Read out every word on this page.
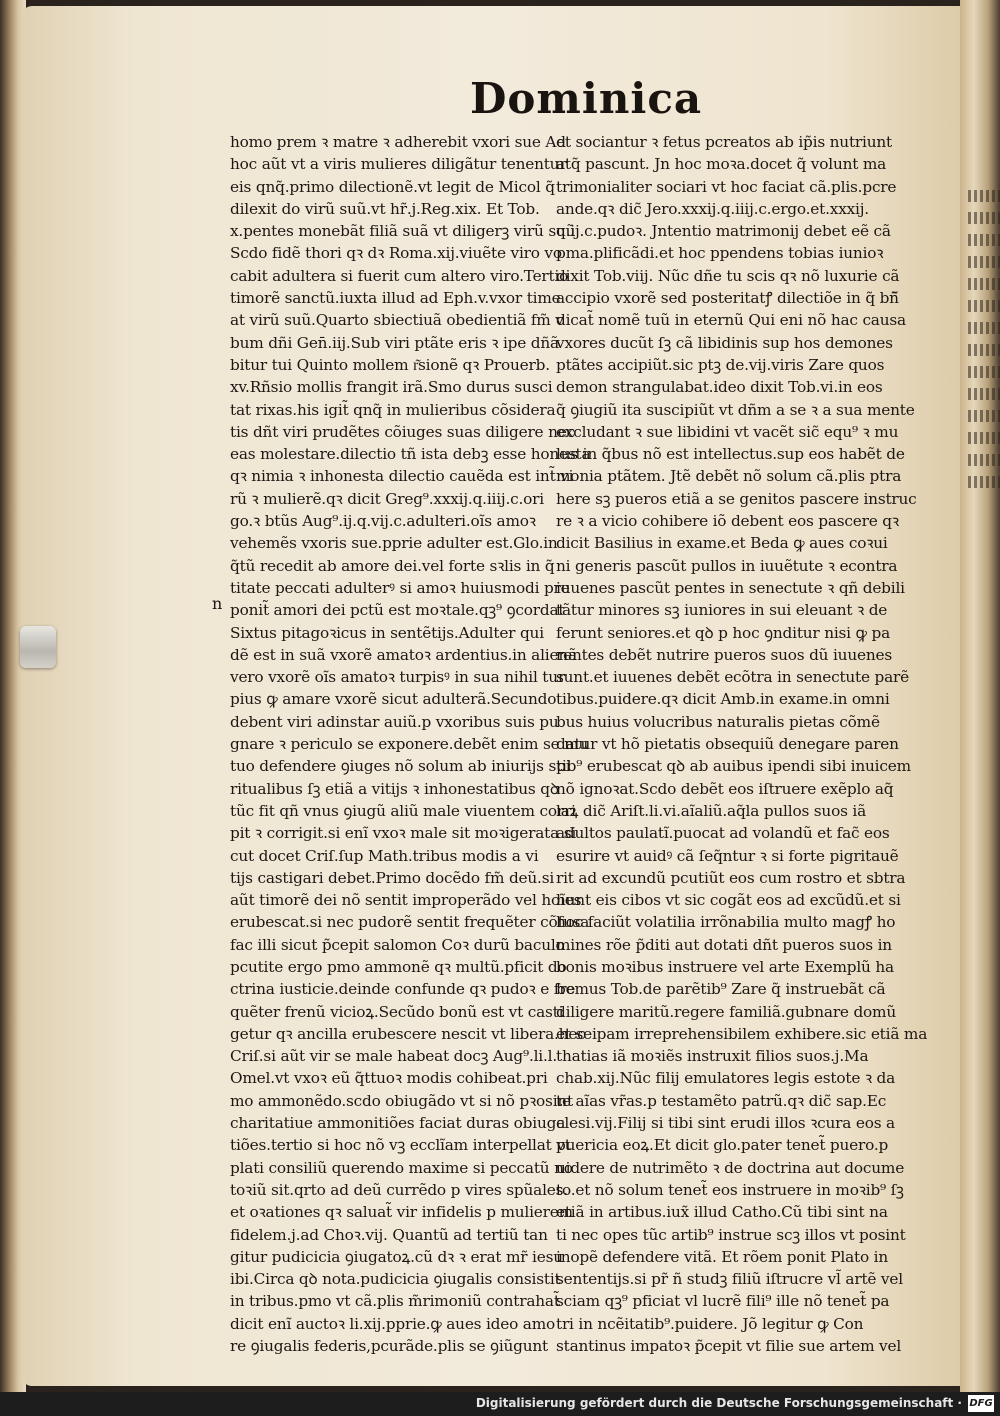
Dominica
n
homo prem ꝛ matre ꝛ adherebit vxori sue Ad
hoc aũt vt a viris mulieres diligãtur tenentur
eis qnq̃.primo dilectionẽ.vt legit de Micol q̃
dilexit do virũ suũ.vt hr̃.j.Reg.xix. Et Tob.
x.pentes monebãt filiã suã vt diligerꝫ virũ suũ
Scdo fidẽ thori qꝛ dꝛ Roma.xij.viuẽte viro vo
cabit adultera si fuerit cum altero viro.Tertio
timorẽ sanctũ.iuxta illud ad Eph.v.vxor time
at virũ suũ.Quarto sbiectiuã obedientiã fm̃ v
bum dñi Gen̄.iij.Sub viri ptãte eris ꝛ ipe dñã
bitur tui Quinto mollem r͂sionẽ qꝛ Prouerb.
xv.Rñsio mollis frangit irã.Smo durus susci
tat rixas.his igit̃ qnq̃ in mulieribus cõsidera
tis dñt viri prudẽtes cõiuges suas diligere nec
eas molestare.dilectio tñ ista debꝫ esse honesta
qꝛ nimia ꝛ inhonesta dilectio cauẽda est int̃ vi
rũ ꝛ mulierẽ.qꝛ dicit Greg⁹.xxxij.q.iiij.c.ori
go.ꝛ btũs Aug⁹.ij.q.vij.c.adulteri.oĩs amoꝛ
vehemẽs vxoris sue.pprie adulter est.Glo.in
q̃tũ recedit ab amore dei.vel forte sꝛlis in q̃
titate peccati adulterꝰ si amoꝛ huiusmodi pre
ponit̃ amori dei pctũ est moꝛtale.qꝫ⁹ ꝯcordat
Sixtus pitagoꝛicus in sentẽtijs.Adulter qui
dẽ est in suã vxorẽ amatoꝛ ardentius.in alienã
vero vxorẽ oĩs amatoꝛ turpisꝰ in sua nihil tur
pius ꝙ amare vxorẽ sicut adulterã.Secundo
debent viri adinstar auiũ.p vxoribus suis pu
gnare ꝛ periculo se exponere.debẽt enim se mu
tuo defendere ꝯiuges nõ solum ab iniurijs spi
ritualibus ſꝫ etiã a vitijs ꝛ inhonestatibus qꝺ
tũc fit qñ vnus ꝯiugũ aliũ male viuentem corri
pit ꝛ corrigit.si enĩ vxoꝛ male sit moꝛigerata si
cut docet Criſ.ſup Math.tribus modis a vi
tijs castigari debet.Primo docẽdo fm̃ deũ.si
aũt timorẽ dei nõ sentit improperãdo vel hoĩes
erubescat.si nec pudorẽ sentit frequẽter cõfusa
fac illi sicut p̃cepit salomon Coꝛ durũ baculo
pcutite ergo pmo ammonẽ qꝛ multũ.pficit do
ctrina iusticie.deinde confunde qꝛ pudoꝛ e fre
quẽter frenũ vicioꝝ.Secũdo bonũ est vt casti
getur qꝛ ancilla erubescere nescit vt libera.hec
Criſ.si aũt vir se male habeat docꝫ Aug⁹.li.l.
Omel.vt vxoꝛ eũ q̃ttuoꝛ modis cohibeat.pri
mo ammonẽdo.scdo obiugãdo vt si nõ pꝛosint
charitatiue ammonitiões faciat duras obiuga
tiões.tertio si hoc nõ vꝫ ecclĩam interpellat vt
plati consiliũ querendo maxime si peccatũ no
toꝛiũ sit.qrto ad deũ currẽdo p vires spũales.
et oꝛationes qꝛ saluat̃ vir infidelis p mulierem
fidelem.j.ad Choꝛ.vij. Quantũ ad tertiũ tan
gitur pudicicia ꝯiugatoꝝ.cũ dꝛ ꝛ erat mr̃ iesu
ibi.Circa qꝺ nota.pudicicia ꝯiugalis consistit
in tribus.pmo vt cã.plis m̃rimoniũ contrahat̃
dicit enĩ auctoꝛ li.xij.pprie.ꝙ aues ideo amo
re ꝯiugalis federis,pcurãde.plis se ꝯiũgunt
et sociantur ꝛ fetus pcreatos ab ip̃is nutriunt
atq̃ pascunt. Jn hoc moꝛa.docet q̃ volunt ma
trimonialiter sociari vt hoc faciat cã.plis.pcre
ande.qꝛ dic̃ Jero.xxxij.q.iiij.c.ergo.et.xxxij.
q.ij.c.pudoꝛ. Jntentio matrimonij debet eẽ cã
pma.plificãdi.et hoc ppendens tobias iunioꝛ
dixit Tob.viij. Nũc dñe tu scis qꝛ nõ luxurie cã
accipio vxorẽ sed posteritatꝭ dilectiõe in q̃ bñ̃
dicat̃ nomẽ tuũ in eternũ Qui eni nõ hac causa
vxores ducũt ſꝫ cã libidinis sup hos demones
ptãtes accipiũt.sic ptꝫ de.vij.viris Zare quos
demon strangulabat.ideo dixit Tob.vi.in eos
q̃ ꝯiugiũ ita suscipiũt vt dñm a se ꝛ a sua mente
excludant ꝛ sue libidini vt vacẽt sic̃ equ⁹ ꝛ mu
lus in q̃bus nõ est intellectus.sup eos habẽt de
monia ptãtem. Jtẽ debẽt nõ solum cã.plis ptra
here sꝫ pueros etiã a se genitos pascere instruc
re ꝛ a vicio cohibere iõ debent eos pascere qꝛ
dicit Basilius in exame.et Beda ꝙ aues coꝛui
ni generis pascũt pullos in iuuẽtute ꝛ econtra
iuuenes pascũt pentes in senectute ꝛ qñ debili
tãtur minores sꝫ iuniores in sui eleuant ꝛ de
ferunt seniores.et qꝺ p hoc ꝯnditur nisi ꝙ pa
rentes debẽt nutrire pueros suos dũ iuuenes
sunt.et iuuenes debẽt ecõtra in senectute parẽ
tibus.puidere.qꝛ dicit Amb.in exame.in omni
bus huius volucribus naturalis pietas cõmẽ
datur vt hõ pietatis obsequiũ denegare paren
tib⁹ erubescat qꝺ ab auibus ipendi sibi inuicem
nõ ignoꝛat.Scdo debẽt eos iſtruere exẽplo aq̃
laꝝ dic̃ Ariſt.li.vi.aĩaliũ.aq̃la pullos suos iã
adultos paulatĩ.puocat ad volandũ et fac̃ eos
esurire vt auidꝰ cã ſeq̃ntur ꝛ si forte pigritauẽ
rit ad excundũ pcutiũt eos cum rostro et sbtra
hunt eis cibos vt sic cogãt eos ad excũdũ.et si
hoc faciũt volatilia irrõnabilia multo magꝭ ho
mines rõe p̃diti aut dotati dñt pueros suos in
bonis moꝛibus instruere vel arte Exemplũ ha
bemus Tob.de parẽtib⁹ Zare q̃ instruebãt cã
diligere maritũ.regere familiã.gubnare domũ
et seipam irreprehensibilem exhibere.sic etiã ma
thatias iã moꝛiẽs instruxit filios suos.j.Ma
chab.xij.Nũc filij emulatores legis estote ꝛ da
te aĩas vr̃as.p testamẽto patrũ.qꝛ dic̃ sap.Ec
clesi.vij.Filij si tibi sint erudi illos ꝛcura eos a
puericia eoꝝ.Et dicit glo.pater tenet̃ puero.p
uidere de nutrimẽto ꝛ de doctrina aut docume
to.et nõ solum tenet̃ eos instruere in moꝛib⁹ ſꝫ
etiã in artibus.iux̃ illud Catho.Cũ tibi sint na
ti nec opes tũc artib⁹ instrue scꝫ illos vt posint
inopẽ defendere vitã. Et rõem ponit Plato in
sententijs.si pr̃ ñ studꝫ filiũ iſtrucre vl̃ artẽ vel
sciam qꝫ⁹ pficiat vl lucrẽ fili⁹ ille nõ tenet̃ pa
tri in ncẽitatib⁹.puidere. Jõ legitur ꝙ Con
stantinus impatoꝛ p̃cepit vt filie sue artem vel
Digitalisierung gefördert durch die Deutsche Forschungsgemeinschaft · DFG
